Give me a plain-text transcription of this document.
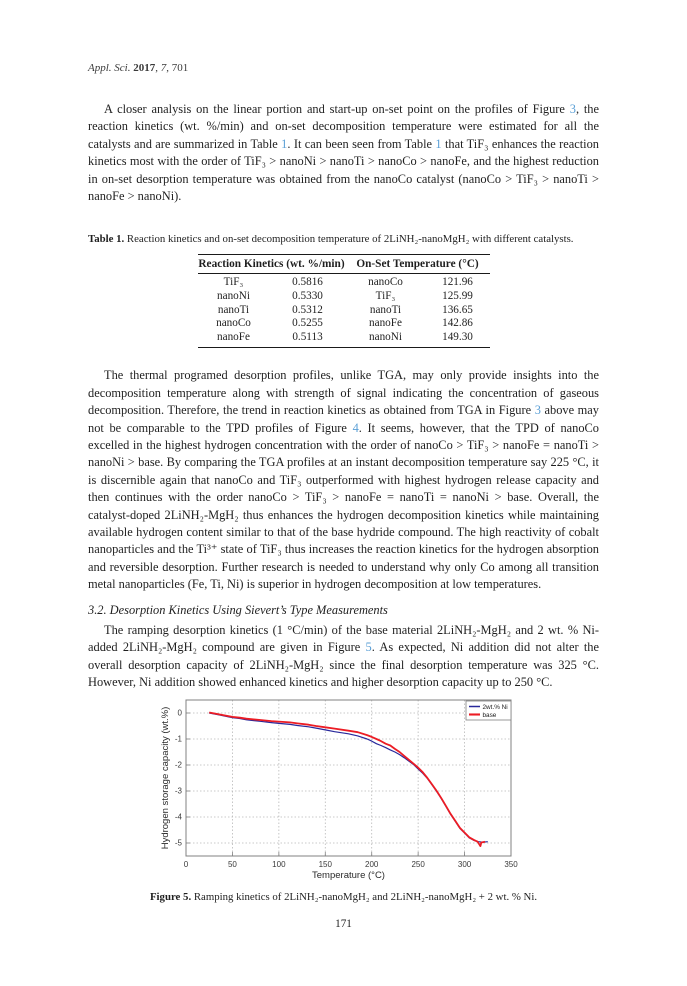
Appl. Sci. 2017, 7, 701

A closer analysis on the linear portion and start-up on-set point on the profiles of Figure 3, the reaction kinetics (wt. %/min) and on-set decomposition temperature were estimated for all the catalysts and are summarized in Table 1. It can been seen from Table 1 that TiF₃ enhances the reaction kinetics most with the order of TiF₃ > nanoNi > nanoTi > nanoCo > nanoFe, and the highest reduction in on-set desorption temperature was obtained from the nanoCo catalyst (nanoCo > TiF₃ > nanoTi > nanoFe > nanoNi).

Table 1. Reaction kinetics and on-set decomposition temperature of 2LiNH₂-nanoMgH₂ with different catalysts.
Reaction Kinetics (wt. %/min)		On-Set Temperature (°C)	
TiF₃	0.5816	nanoCo	121.96
nanoNi	0.5330	TiF₃	125.99
nanoTi	0.5312	nanoTi	136.65
nanoCo	0.5255	nanoFe	142.86
nanoFe	0.5113	nanoNi	149.30

The thermal programed desorption profiles, unlike TGA, may only provide insights into the decomposition temperature along with strength of signal indicating the concentration of gaseous decomposition. Therefore, the trend in reaction kinetics as obtained from TGA in Figure 3 above may not be comparable to the TPD profiles of Figure 4. It seems, however, that the TPD of nanoCo excelled in the highest hydrogen concentration with the order of nanoCo > TiF₃ > nanoFe = nanoTi > nanoNi > base. By comparing the TGA profiles at an instant decomposition temperature say 225 °C, it is discernible again that nanoCo and TiF₃ outperformed with highest hydrogen release capacity and then continues with the order nanoCo > TiF₃ > nanoFe = nanoTi = nanoNi > base. Overall, the catalyst-doped 2LiNH₂-MgH₂ thus enhances the hydrogen decomposition kinetics while maintaining available hydrogen content similar to that of the base hydride compound. The high reactivity of cobalt nanoparticles and the Ti³⁺ state of TiF₃ thus increases the reaction kinetics for the hydrogen absorption and reversible desorption. Further research is needed to understand why only Co among all transition metal nanoparticles (Fe, Ti, Ni) is superior in hydrogen decomposition at low temperatures.

3.2. Desorption Kinetics Using Sievert’s Type Measurements

The ramping desorption kinetics (1 °C/min) of the base material 2LiNH₂-MgH₂ and 2 wt. % Ni-added 2LiNH₂-MgH₂ compound are given in Figure 5. As expected, Ni addition did not alter the overall desorption capacity of 2LiNH₂-MgH₂ since the final desorption temperature was 325 °C. However, Ni addition showed enhanced kinetics and higher desorption capacity up to 250 °C.

0	50	100	150	200	250	300	350
0
-1
-2
-3
-4
-5
Temperature (°C)
Hydrogen storage capacity (wt.%)	2wt.% Ni
base
Figure 5. Ramping kinetics of 2LiNH₂-nanoMgH₂ and 2LiNH₂-nanoMgH₂ + 2 wt. % Ni.
171
